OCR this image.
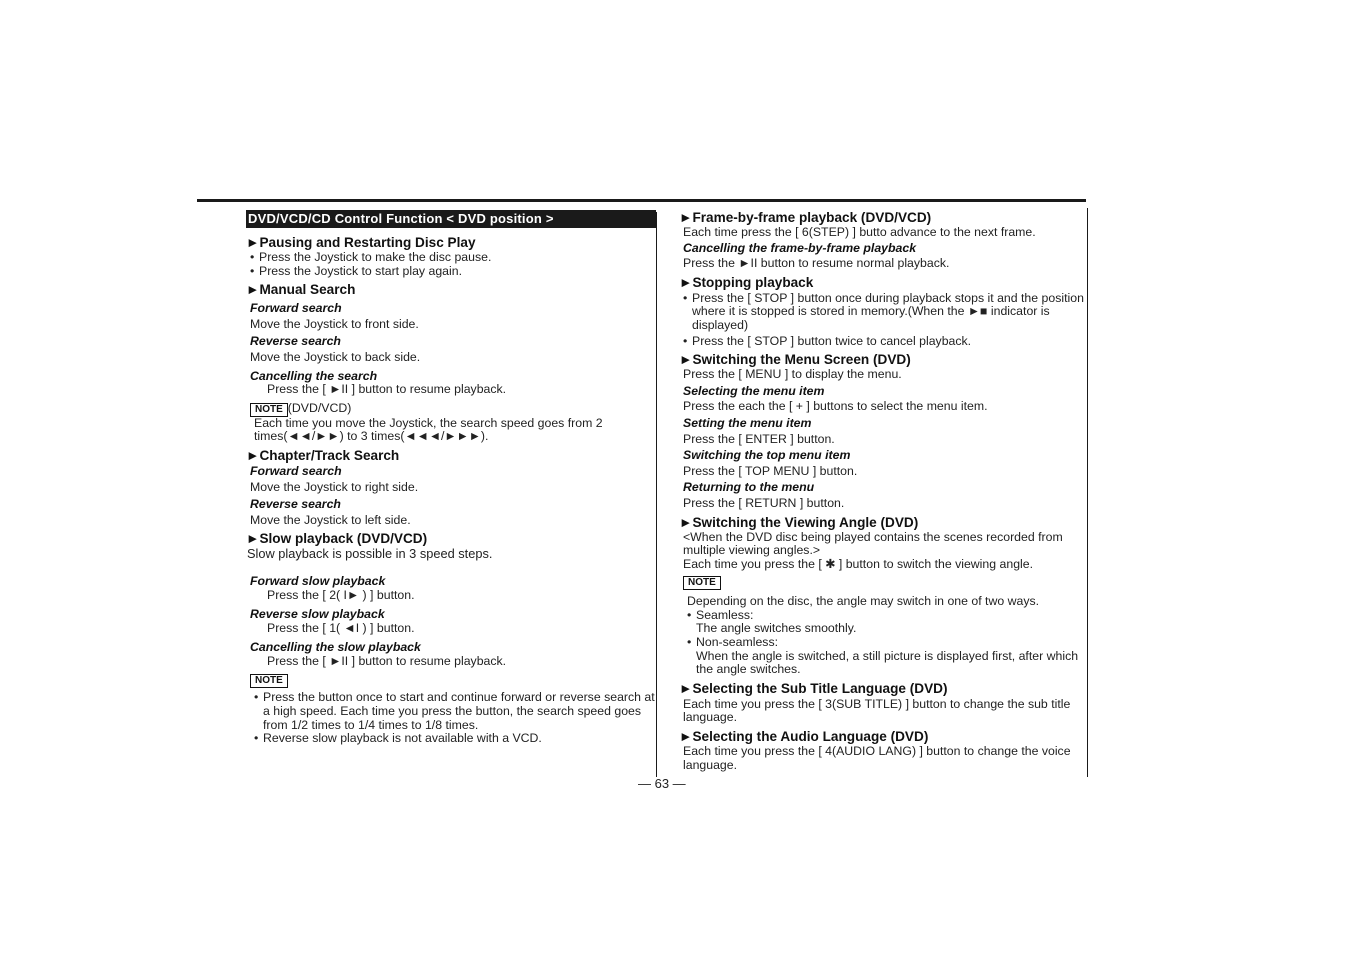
DVD/VCD/CD Control Function < DVD position >
►Pausing and Restarting Disc Play
• Press the Joystick to make the disc pause.
• Press the Joystick to start play again.
►Manual Search
Forward search
Move the Joystick to front side.
Reverse search
Move the Joystick to back side.
Cancelling the search
Press the [ ►II ] button to resume playback.
NOTE (DVD/VCD)
Each time you move the Joystick, the search speed goes from 2 times(◄◄/►►) to 3 times(◄◄◄/►►►).
►Chapter/Track Search
Forward search
Move the Joystick to right side.
Reverse search
Move the Joystick to left side.
►Slow playback (DVD/VCD)
Slow playback is possible in 3 speed steps.
Forward slow playback
Press the [ 2( I► ) ] button.
Reverse slow playback
Press the [ 1( ◄I ) ] button.
Cancelling the slow playback
Press the [ ►II ] button to resume playback.
NOTE
• Press the button once to start and continue forward or reverse search at a high speed. Each time you press the button, the search speed goes from 1/2 times to 1/4 times to 1/8 times.
• Reverse slow playback is not available with a VCD.
►Frame-by-frame playback (DVD/VCD)
Each time press the [ 6(STEP) ] butto advance to the next frame.
Cancelling the frame-by-frame playback
Press the ►II button to resume normal playback.
►Stopping playback
• Press the [ STOP ] button once during playback stops it and the position where it is stopped is stored in memory.(When the ►■ indicator is displayed)
• Press the [ STOP ] button twice to cancel playback.
►Switching the Menu Screen (DVD)
Press the [ MENU ] to display the menu.
Selecting the menu item
Press the each the [ + ] buttons to select the menu item.
Setting the menu item
Press the [ ENTER ] button.
Switching the top menu item
Press the [ TOP MENU ] button.
Returning to the menu
Press the [ RETURN ] button.
►Switching the Viewing Angle (DVD)
<When the DVD disc being played contains the scenes recorded from multiple viewing angles.>
Each time you press the [ ✱ ] button to switch the viewing angle.
NOTE
Depending on the disc, the angle may switch in one of two ways.
• Seamless:
The angle switches smoothly.
• Non-seamless:
When the angle is switched, a still picture is displayed first, after which the angle switches.
►Selecting the Sub Title Language (DVD)
Each time you press the [ 3(SUB TITLE) ] button to change the sub title language.
►Selecting the Audio Language (DVD)
Each time you press the [ 4(AUDIO LANG) ] button to change the voice language.
— 63 —
